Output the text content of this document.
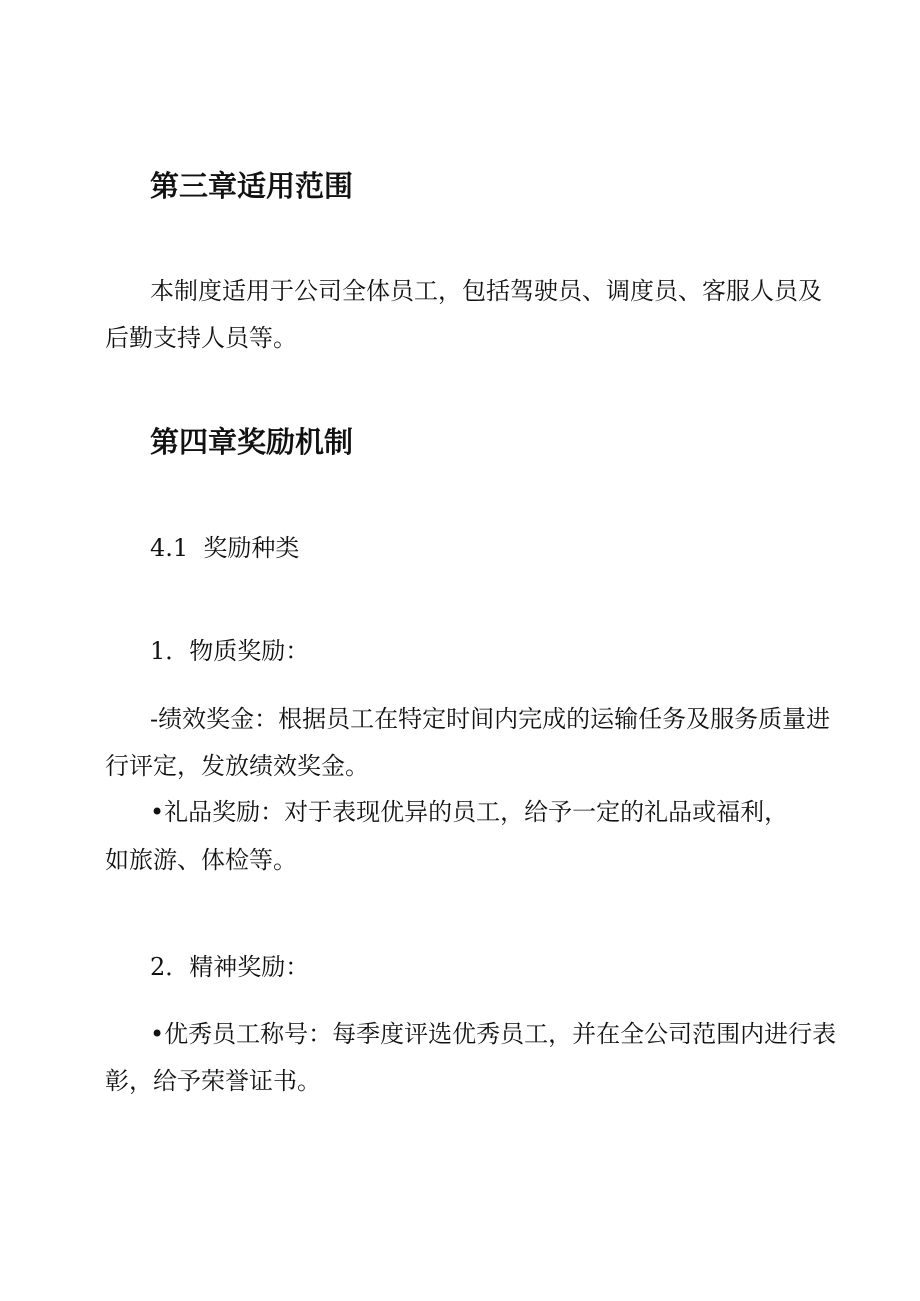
第三章适用范围
本制度适用于公司全体员工，包括驾驶员、调度员、客服人员及
后勤支持人员等。
第四章奖励机制
4.1  奖励种类
1．物质奖励：
-绩效奖金：根据员工在特定时间内完成的运输任务及服务质量进
行评定，发放绩效奖金。
•礼品奖励：对于表现优异的员工，给予一定的礼品或福利，
如旅游、体检等。
2．精神奖励：
•优秀员工称号：每季度评选优秀员工，并在全公司范围内进行表
彰，给予荣誉证书。
